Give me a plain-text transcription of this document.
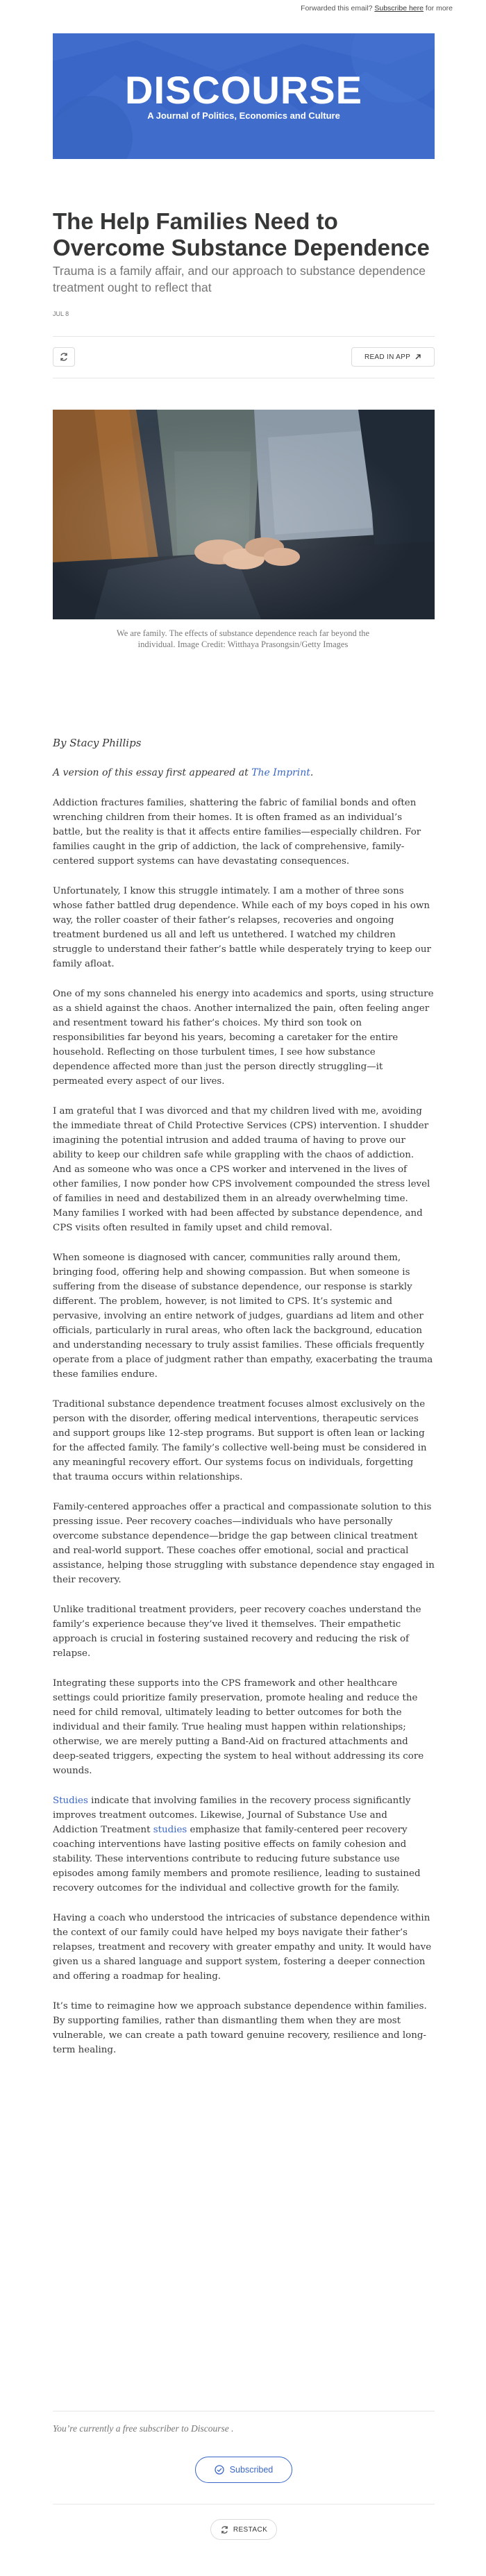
Forwarded this email? Subscribe here for more
DISCOURSE
A Journal of Politics, Economics and Culture
The Help Families Need to Overcome Substance Dependence
Trauma is a family affair, and our approach to substance dependence treatment ought to reflect that
JUL 8
READ IN APP
We are family. The effects of substance dependence reach far beyond the individual. Image Credit: Witthaya Prasongsin/Getty Images

By Stacy Phillips

A version of this essay first appeared at The Imprint.

Addiction fractures families, shattering the fabric of familial bonds and often wrenching children from their homes. It is often framed as an individual’s battle, but the reality is that it affects entire families—especially children. For families caught in the grip of addiction, the lack of comprehensive, family-centered support systems can have devastating consequences.

Unfortunately, I know this struggle intimately. I am a mother of three sons whose father battled drug dependence. While each of my boys coped in his own way, the roller coaster of their father’s relapses, recoveries and ongoing treatment burdened us all and left us untethered. I watched my children struggle to understand their father’s battle while desperately trying to keep our family afloat.

One of my sons channeled his energy into academics and sports, using structure as a shield against the chaos. Another internalized the pain, often feeling anger and resentment toward his father’s choices. My third son took on responsibilities far beyond his years, becoming a caretaker for the entire household. Reflecting on those turbulent times, I see how substance dependence affected more than just the person directly struggling—it permeated every aspect of our lives.

I am grateful that I was divorced and that my children lived with me, avoiding the immediate threat of Child Protective Services (CPS) intervention. I shudder imagining the potential intrusion and added trauma of having to prove our ability to keep our children safe while grappling with the chaos of addiction. And as someone who was once a CPS worker and intervened in the lives of other families, I now ponder how CPS involvement compounded the stress level of families in need and destabilized them in an already overwhelming time. Many families I worked with had been affected by substance dependence, and CPS visits often resulted in family upset and child removal.

When someone is diagnosed with cancer, communities rally around them, bringing food, offering help and showing compassion. But when someone is suffering from the disease of substance dependence, our response is starkly different. The problem, however, is not limited to CPS. It’s systemic and pervasive, involving an entire network of judges, guardians ad litem and other officials, particularly in rural areas, who often lack the background, education and understanding necessary to truly assist families. These officials frequently operate from a place of judgment rather than empathy, exacerbating the trauma these families endure.

Traditional substance dependence treatment focuses almost exclusively on the person with the disorder, offering medical interventions, therapeutic services and support groups like 12-step programs. But support is often lean or lacking for the affected family. The family’s collective well-being must be considered in any meaningful recovery effort. Our systems focus on individuals, forgetting that trauma occurs within relationships.

Family-centered approaches offer a practical and compassionate solution to this pressing issue. Peer recovery coaches—individuals who have personally overcome substance dependence—bridge the gap between clinical treatment and real-world support. These coaches offer emotional, social and practical assistance, helping those struggling with substance dependence stay engaged in their recovery.

Unlike traditional treatment providers, peer recovery coaches understand the family’s experience because they’ve lived it themselves. Their empathetic approach is crucial in fostering sustained recovery and reducing the risk of relapse.

Integrating these supports into the CPS framework and other healthcare settings could prioritize family preservation, promote healing and reduce the need for child removal, ultimately leading to better outcomes for both the individual and their family. True healing must happen within relationships; otherwise, we are merely putting a Band-Aid on fractured attachments and deep-seated triggers, expecting the system to heal without addressing its core wounds.

Studies indicate that involving families in the recovery process significantly improves treatment outcomes. Likewise, Journal of Substance Use and Addiction Treatment studies emphasize that family-centered peer recovery coaching interventions have lasting positive effects on family cohesion and stability. These interventions contribute to reducing future substance use episodes among family members and promote resilience, leading to sustained recovery outcomes for the individual and collective growth for the family.

Having a coach who understood the intricacies of substance dependence within the context of our family could have helped my boys navigate their father’s relapses, treatment and recovery with greater empathy and unity. It would have given us a shared language and support system, fostering a deeper connection and offering a roadmap for healing.

It’s time to reimagine how we approach substance dependence within families. By supporting families, rather than dismantling them when they are most vulnerable, we can create a path toward genuine recovery, resilience and long-term healing.

You’re currently a free subscriber to Discourse .
Subscribed
RESTACK
